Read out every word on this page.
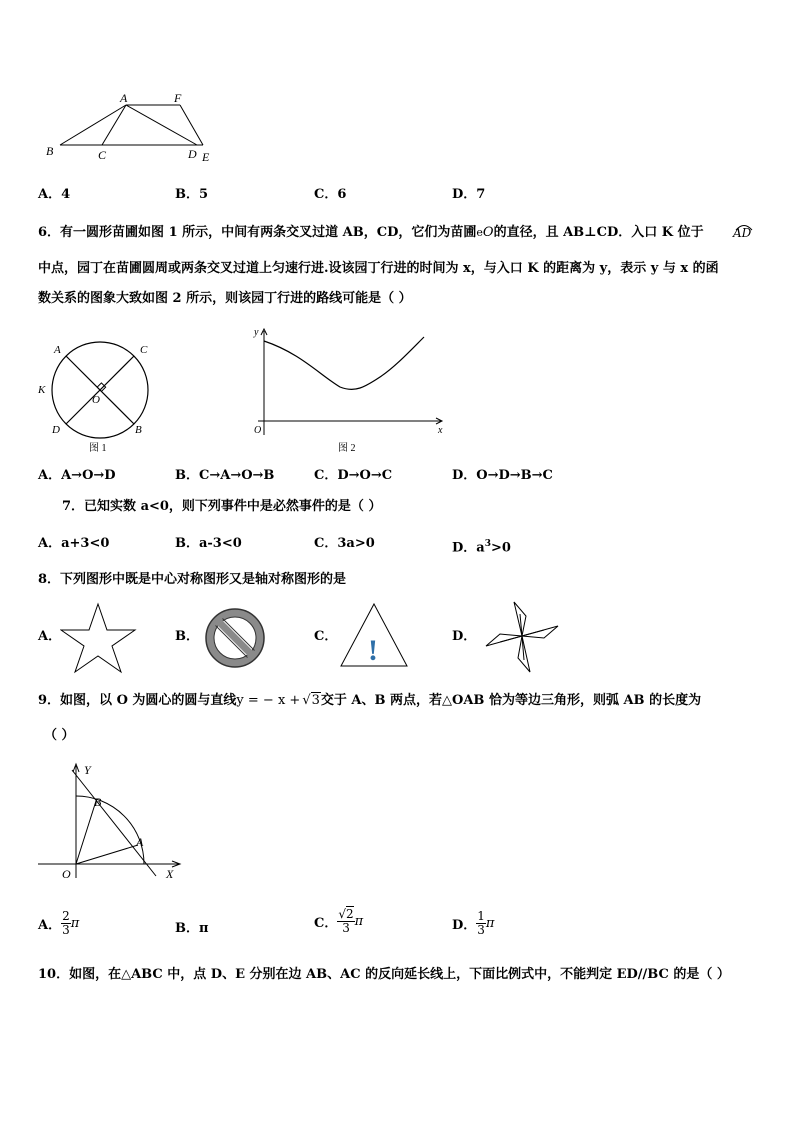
A	F
B	C	D E
A．4	B．5	C．6	D．7
6．有一圆形苗圃如图 1 所示，中间有两条交叉过道 AB，CD，它们为苗圃eO的直径，且 AB⊥CD．入口 K 位于 AD
中点，园丁在苗圃圆周或两条交叉过道上匀速行进.设该园丁行进的时间为 x，与入口 K 的距离为 y，表示 y 与 x 的函
数关系的图象大致如图 2 所示，则该园丁行进的路线可能是（ ）
A	C
K
O
D	B
图 1
y
O	x
图 2
A．A→O→D	B．C→A→O→B	C．D→O→C	D．O→D→B→C
7．已知实数 a<0，则下列事件中是必然事件的是（ ）
A．a+3<0	B．a-3<0	C．3a>0	D．$a^3>0$
8．下列图形中既是中心对称图形又是轴对称图形的是
A．	B．	C． !	D．
9．如图，以 O 为圆心的圆与直线y = − x + √3交于 A、B 两点，若△OAB 恰为等边三角形，则弧 AB 的长度为
（ ）
Y
B
A
O	X
A． $\frac{2}{3}$ π	B．π	C． $\frac{√2}{3}$ π	D． $\frac{1}{3}$ π
10．如图，在△ABC 中，点 D、E 分别在边 AB、AC 的反向延长线上，下面比例式中，不能判定 ED//BC 的是（ ）
